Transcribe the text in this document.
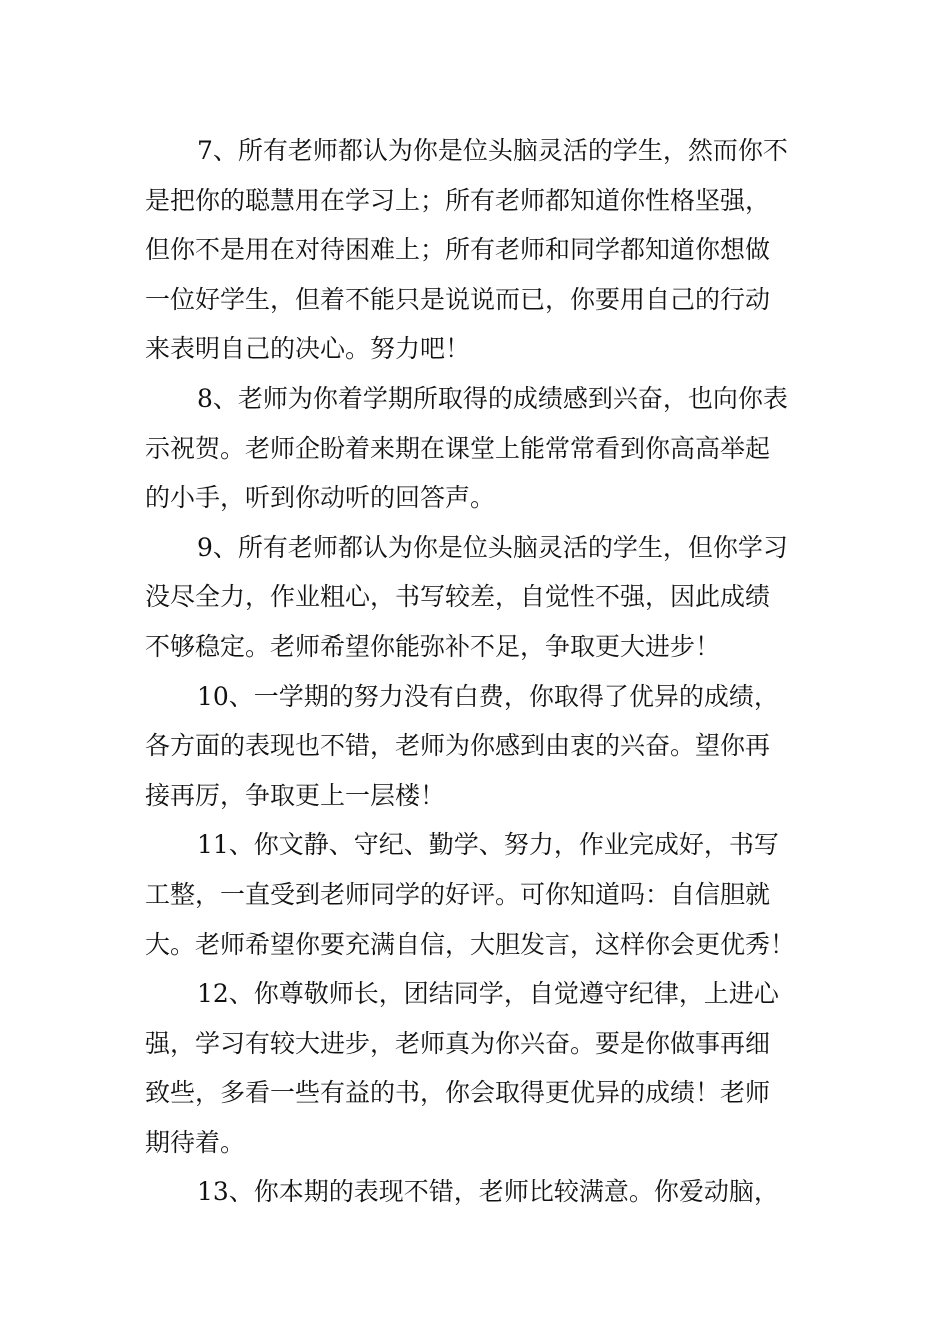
7、所有老师都认为你是位头脑灵活的学生，然而你不
是把你的聪慧用在学习上；所有老师都知道你性格坚强，
但你不是用在对待困难上；所有老师和同学都知道你想做
一位好学生，但着不能只是说说而已，你要用自己的行动
来表明自己的决心。努力吧！
8、老师为你着学期所取得的成绩感到兴奋，也向你表
示祝贺。老师企盼着来期在课堂上能常常看到你高高举起
的小手，听到你动听的回答声。
9、所有老师都认为你是位头脑灵活的学生，但你学习
没尽全力，作业粗心，书写较差，自觉性不强，因此成绩
不够稳定。老师希望你能弥补不足，争取更大进步！
10、一学期的努力没有白费，你取得了优异的成绩，
各方面的表现也不错，老师为你感到由衷的兴奋。望你再
接再厉，争取更上一层楼！
11、你文静、守纪、勤学、努力，作业完成好，书写
工整，一直受到老师同学的好评。可你知道吗：自信胆就
大。老师希望你要充满自信，大胆发言，这样你会更优秀！
12、你尊敬师长，团结同学，自觉遵守纪律，上进心
强，学习有较大进步，老师真为你兴奋。要是你做事再细
致些，多看一些有益的书，你会取得更优异的成绩！老师
期待着。
13、你本期的表现不错，老师比较满意。你爱动脑，
